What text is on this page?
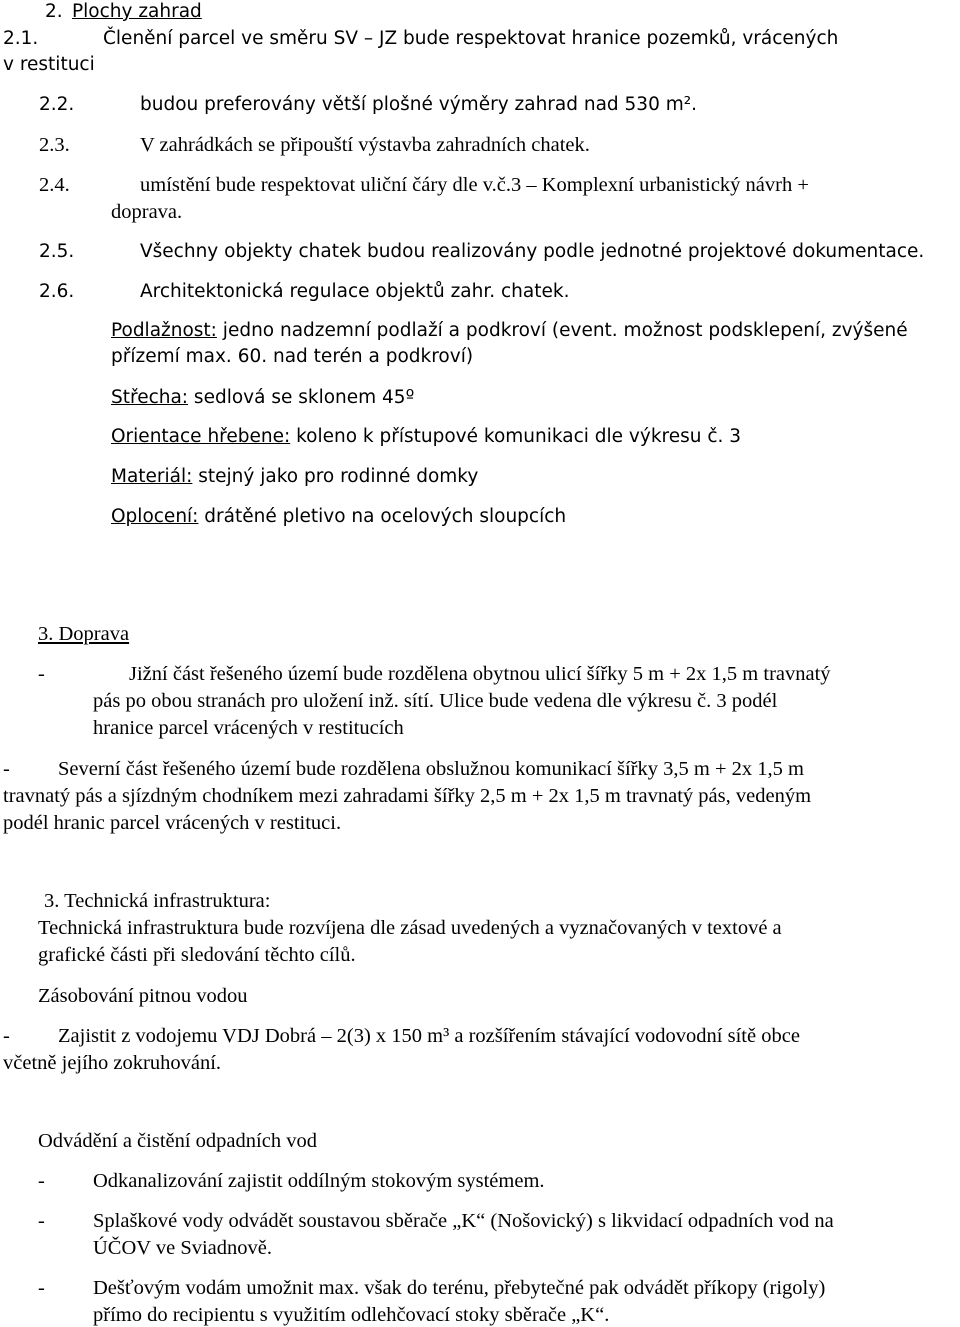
2. Plochy zahrad
2.1.	Členění parcel ve směru SV – JZ bude respektovat hranice pozemků, vrácených
v restituci
2.2.	budou preferovány větší plošné výměry zahrad nad 530 m².
2.3.	V zahrádkách se připouští výstavba zahradních chatek.
2.4.	umístění bude respektovat uliční čáry dle v.č.3 – Komplexní urbanistický návrh +
doprava.
2.5.	Všechny objekty chatek budou realizovány podle jednotné projektové dokumentace.
2.6.	Architektonická regulace objektů zahr. chatek.
Podlažnost: jedno nadzemní podlaží a podkroví (event. možnost podsklepení, zvýšené
přízemí max. 60. nad terén a podkroví)
Střecha: sedlová se sklonem 45º
Orientace hřebene: koleno k přístupové komunikaci dle výkresu č. 3
Materiál: stejný jako pro rodinné domky
Oplocení: drátěné pletivo na ocelových sloupcích
3. Doprava
-	Jižní část řešeného území bude rozdělena obytnou ulicí šířky 5 m + 2x 1,5 m travnatý
pás po obou stranách pro uložení inž. sítí. Ulice bude vedena dle výkresu č. 3 podél
hranice parcel vrácených v restitucích
- Severní část řešeného území bude rozdělena obslužnou komunikací šířky 3,5 m + 2x 1,5 m
travnatý pás a sjízdným chodníkem mezi zahradami šířky 2,5 m + 2x 1,5 m travnatý pás, vedeným
podél hranic parcel vrácených v restituci.
3. Technická infrastruktura:
Technická infrastruktura bude rozvíjena dle zásad uvedených a vyznačovaných v textové a
grafické části při sledování těchto cílů.
Zásobování pitnou vodou
- Zajistit z vodojemu VDJ Dobrá – 2(3) x 150 m³ a rozšířením stávající vodovodní sítě obce
včetně jejího zokruhování.
Odvádění a čistění odpadních vod
- Odkanalizování zajistit oddílným stokovým systémem.
- Splaškové vody odvádět soustavou sběrače „K“ (Nošovický) s likvidací odpadních vod na
ÚČOV ve Sviadnově.
- Dešťovým vodám umožnit max. však do terénu, přebytečné pak odvádět příkopy (rigoly)
přímo do recipientu s využitím odlehčovací stoky sběrače „K“.
